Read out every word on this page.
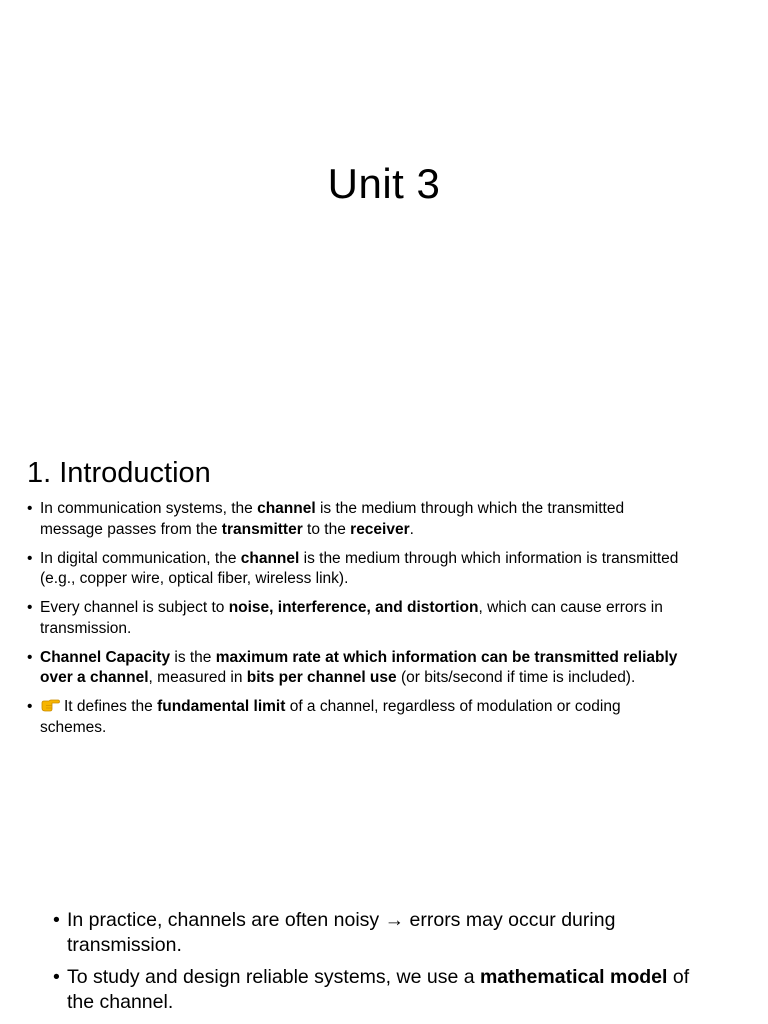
Unit 3
1. Introduction
• In communication systems, the channel is the medium through which the transmitted message passes from the transmitter to the receiver.
• In digital communication, the channel is the medium through which information is transmitted (e.g., copper wire, optical fiber, wireless link).
• Every channel is subject to noise, interference, and distortion, which can cause errors in transmission.
• Channel Capacity is the maximum rate at which information can be transmitted reliably over a channel, measured in bits per channel use (or bits/second if time is included).
• It defines the fundamental limit of a channel, regardless of modulation or coding schemes.
• In practice, channels are often noisy → errors may occur during transmission.
• To study and design reliable systems, we use a mathematical model of the channel.
